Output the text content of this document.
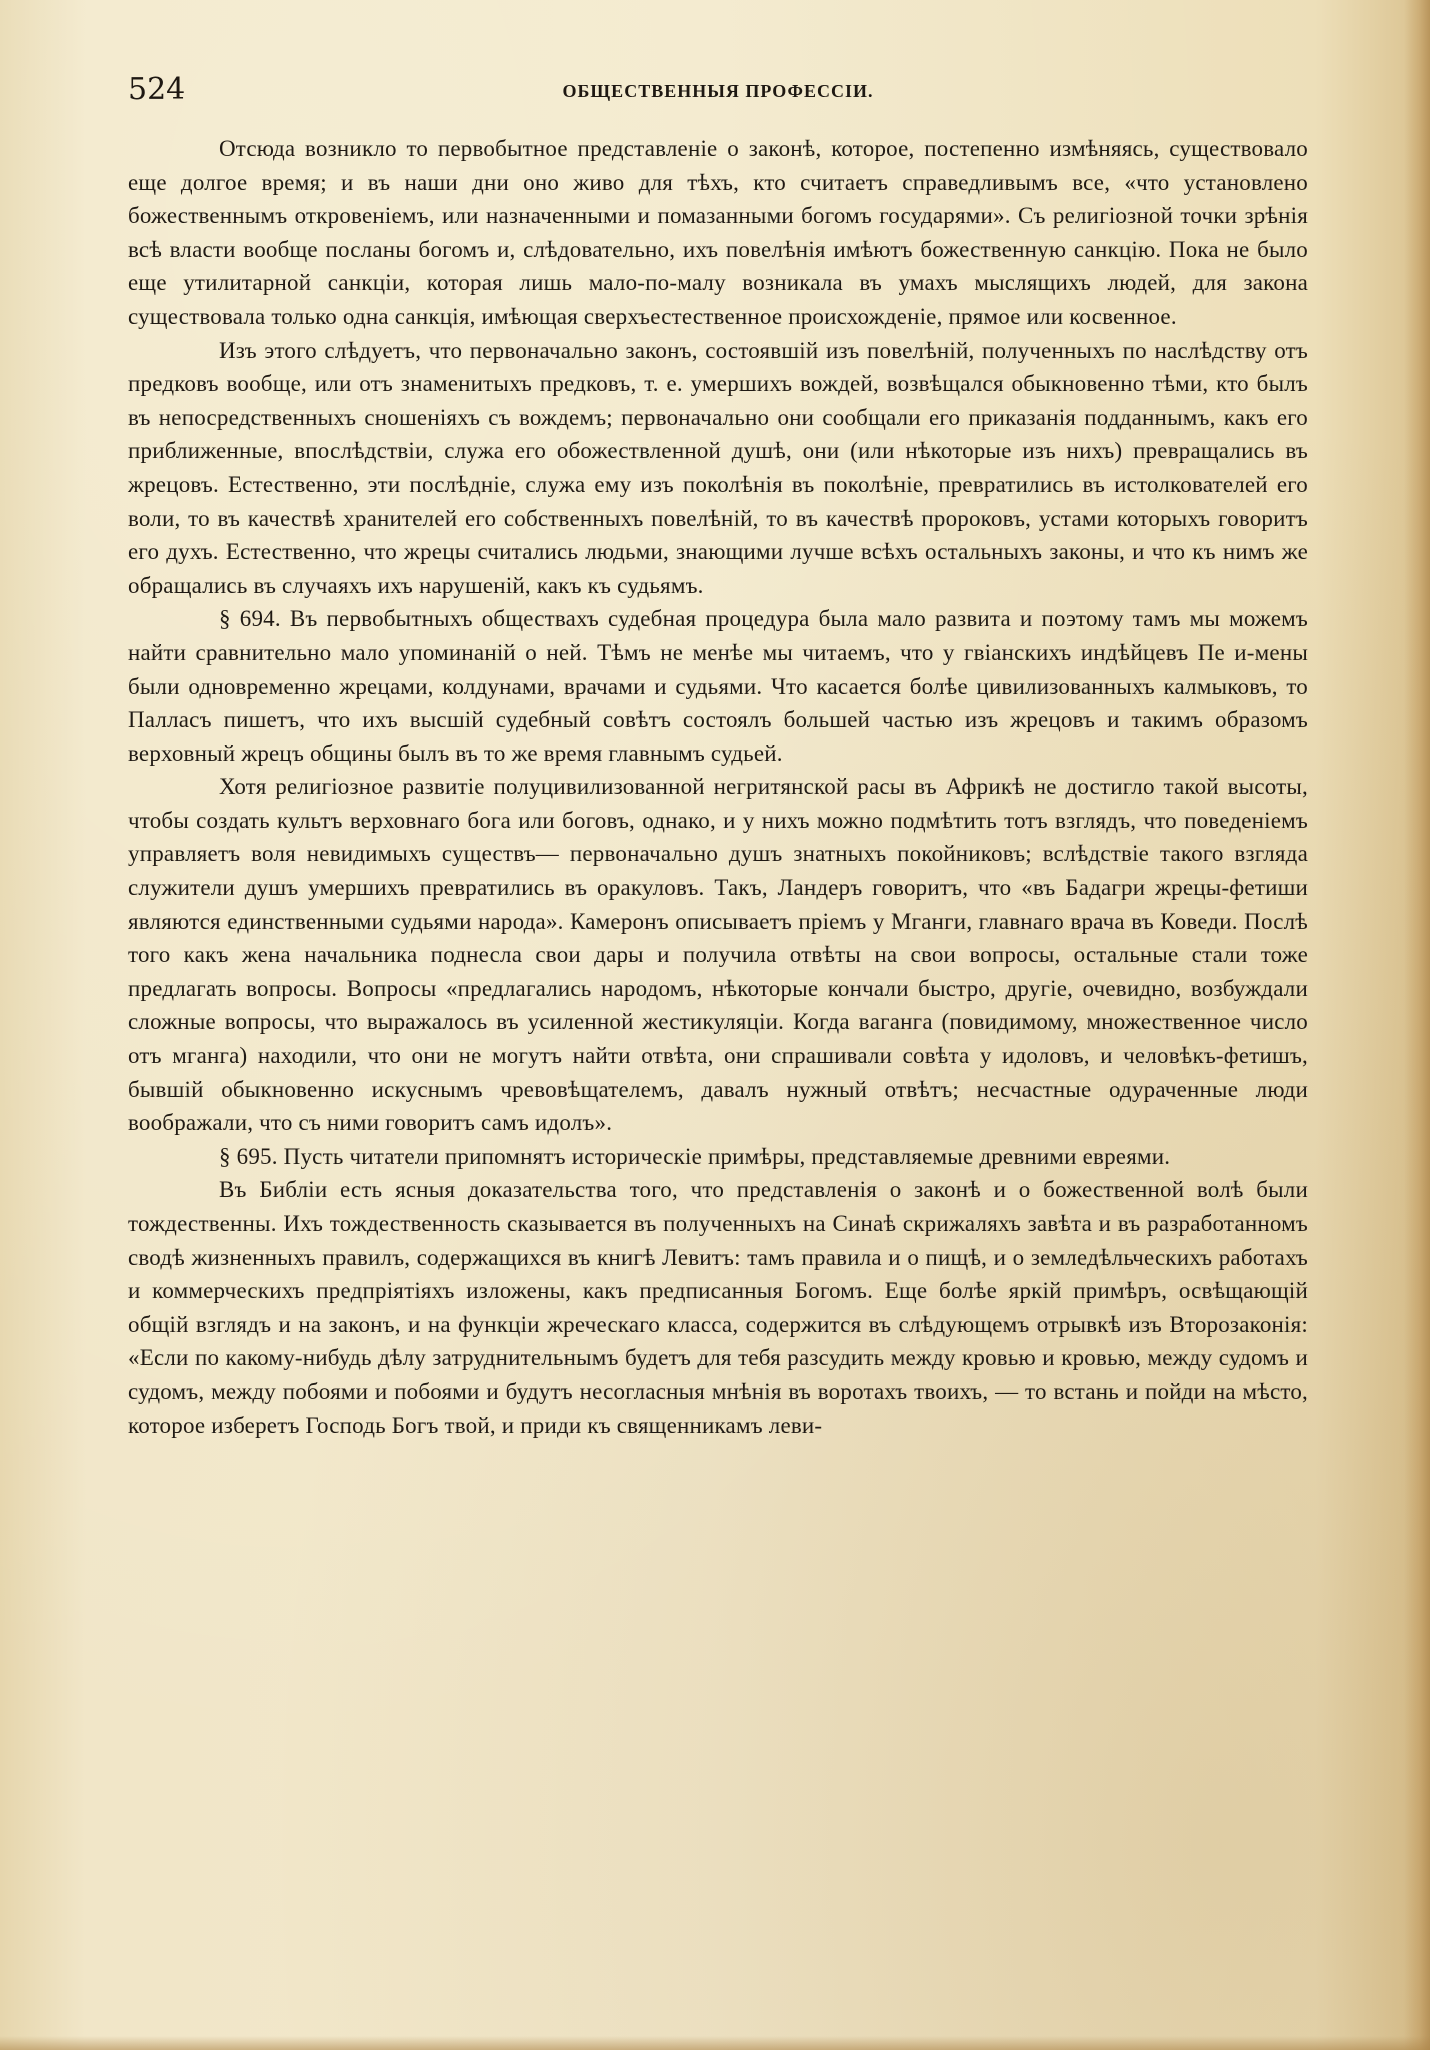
524	ОБЩЕСТВЕННЫЯ ПРОФЕССІИ.

Отсюда возникло то первобытное представленіе о законѣ, которое, постепенно измѣняясь, существовало еще долгое время; и въ наши дни оно живо для тѣхъ, кто считаетъ справедливымъ все, «что установлено божественнымъ откровеніемъ, или назначенными и помазанными богомъ государями». Съ религіозной точки зрѣнія всѣ власти вообще посланы богомъ и, слѣдовательно, ихъ повелѣнія имѣютъ божественную санкцію. Пока не было еще утилитарной санкціи, которая лишь мало-по-малу возникала въ умахъ мыслящихъ людей, для закона существовала только одна санкція, имѣющая сверхъестественное происхожденіе, прямое или косвенное.

Изъ этого слѣдуетъ, что первоначально законъ, состоявшій изъ повелѣній, полученныхъ по наслѣдству отъ предковъ вообще, или отъ знаменитыхъ предковъ, т. е. умершихъ вождей, возвѣщался обыкновенно тѣми, кто былъ въ непосредственныхъ сношеніяхъ съ вождемъ; первоначально они сообщали его приказанія подданнымъ, какъ его приближенные, впослѣдствіи, служа его обожествленной душѣ, они (или нѣкоторые изъ нихъ) превращались въ жрецовъ. Естественно, эти послѣдніе, служа ему изъ поколѣнія въ поколѣніе, превратились въ истолкователей его воли, то въ качествѣ хранителей его собственныхъ повелѣній, то въ качествѣ пророковъ, устами которыхъ говоритъ его духъ. Естественно, что жрецы считались людьми, знающими лучше всѣхъ остальныхъ законы, и что къ нимъ же обращались въ случаяхъ ихъ нарушеній, какъ къ судьямъ.

§ 694. Въ первобытныхъ обществахъ судебная процедура была мало развита и поэтому тамъ мы можемъ найти сравнительно мало упоминаній о ней. Тѣмъ не менѣе мы читаемъ, что у гвіанскихъ индѣйцевъ Пе и-мены были одновременно жрецами, колдунами, врачами и судьями. Что касается болѣе цивилизованныхъ калмыковъ, то Палласъ пишетъ, что ихъ высшій судебный совѣтъ состоялъ большей частью изъ жрецовъ и такимъ образомъ верховный жрецъ общины былъ въ то же время главнымъ судьей.

Хотя религіозное развитіе полуцивилизованной негритянской расы въ Африкѣ не достигло такой высоты, чтобы создать культъ верховнаго бога или боговъ, однако, и у нихъ можно подмѣтить тотъ взглядъ, что поведеніемъ управляетъ воля невидимыхъ существъ— первоначально душъ знатныхъ покойниковъ; вслѣдствіе такого взгляда служители душъ умершихъ превратились въ оракуловъ. Такъ, Ландеръ говоритъ, что «въ Бадагри жрецы-фетиши являются единственными судьями народа». Камеронъ описываетъ пріемъ у Мганги, главнаго врача въ Коведи. Послѣ того какъ жена начальника поднесла свои дары и получила отвѣты на свои вопросы, остальные стали тоже предлагать вопросы. Вопросы «предлагались народомъ, нѣкоторые кончали быстро, другіе, очевидно, возбуждали сложные вопросы, что выражалось въ усиленной жестикуляціи. Когда вaганга (повидимому, множественное число отъ мганга) находили, что они не могутъ найти отвѣта, они спрашивали совѣта у идоловъ, и человѣкъ-фетишъ, бывшій обыкновенно искуснымъ чревовѣщателемъ, давалъ нужный отвѣтъ; несчастные одураченные люди воображали, что съ ними говоритъ самъ идолъ».

§ 695. Пусть читатели припомнятъ историческіе примѣры, представляемые древними евреями.

Въ Библіи есть ясныя доказательства того, что представленія о законѣ и о божественной волѣ были тождественны. Ихъ тождественность сказывается въ полученныхъ на Синаѣ скрижаляхъ завѣта и въ разработанномъ сводѣ жизненныхъ правилъ, содержащихся въ книгѣ Левитъ: тамъ правила и о пищѣ, и о земледѣльческихъ работахъ и коммерческихъ предпріятіяхъ изложены, какъ предписанныя Богомъ. Еще болѣе яркій примѣръ, освѣщающій общій взглядъ и на законъ, и на функціи жреческаго класса, содержится въ слѣдующемъ отрывкѣ изъ Второзаконія: «Если по какому-нибудь дѣлу затруднительнымъ будетъ для тебя разсудить между кровью и кровью, между судомъ и судомъ, между побоями и побоями и будутъ несогласныя мнѣнія въ воротахъ твоихъ, — то встань и пойди на мѣсто, которое изберетъ Господь Богъ твой, и приди къ священникамъ леви-
